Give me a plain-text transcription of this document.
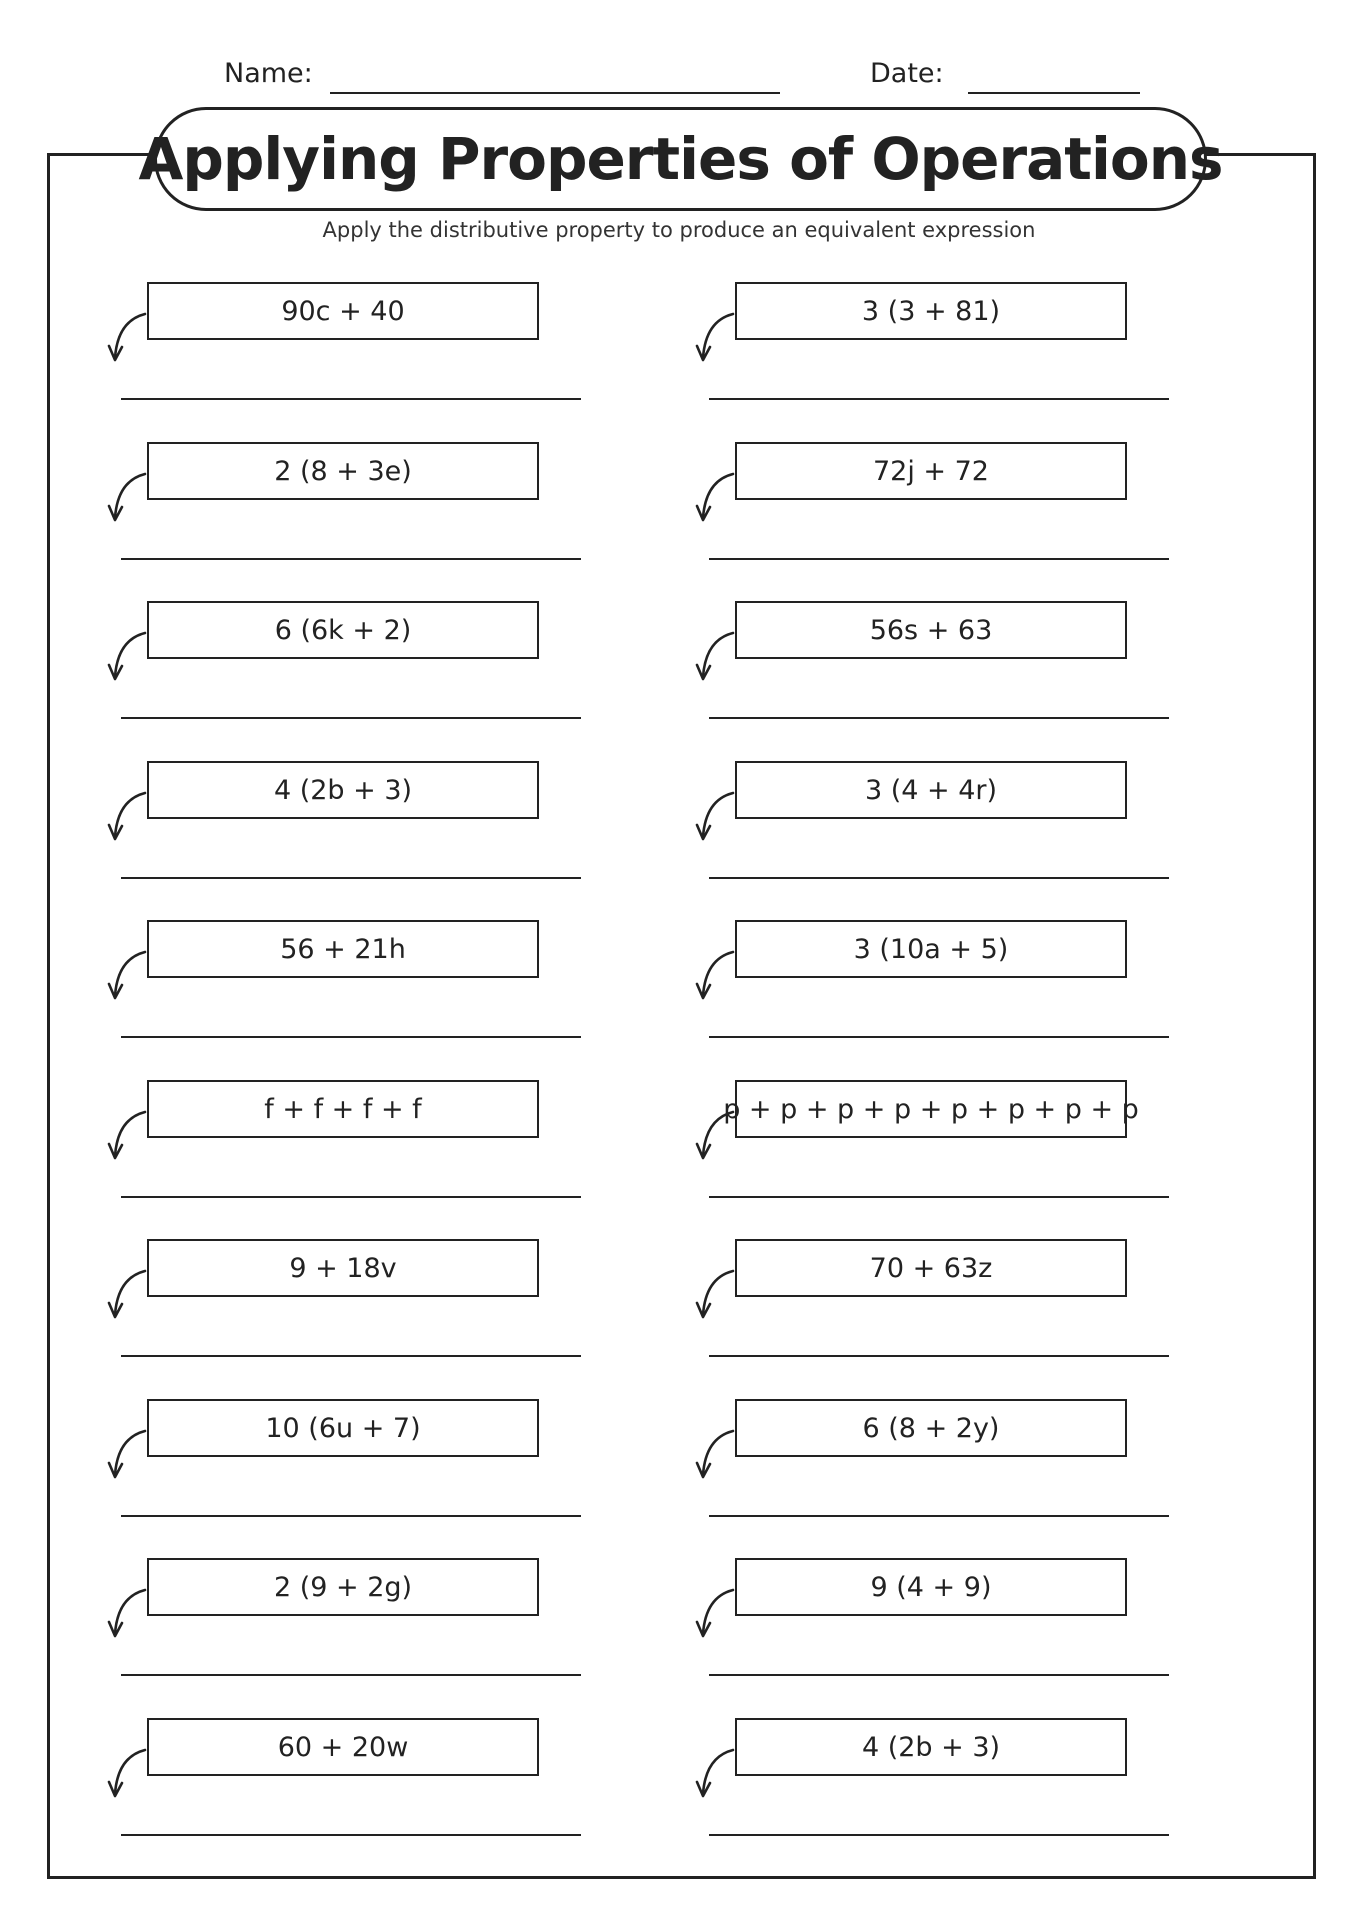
Name:	Date:
Applying Properties of Operations
Apply the distributive property to produce an equivalent expression
90c + 40
2 (8 + 3e)
6 (6k + 2)
4 (2b + 3)
56 + 21h
f + f + f + f
9 + 18v
10 (6u + 7)
2 (9 + 2g)
60 + 20w
3 (3 + 81)
72j + 72
56s + 63
3 (4 + 4r)
3 (10a + 5)
p + p + p + p + p + p + p + p
70 + 63z
6 (8 + 2y)
9 (4 + 9)
4 (2b + 3)
